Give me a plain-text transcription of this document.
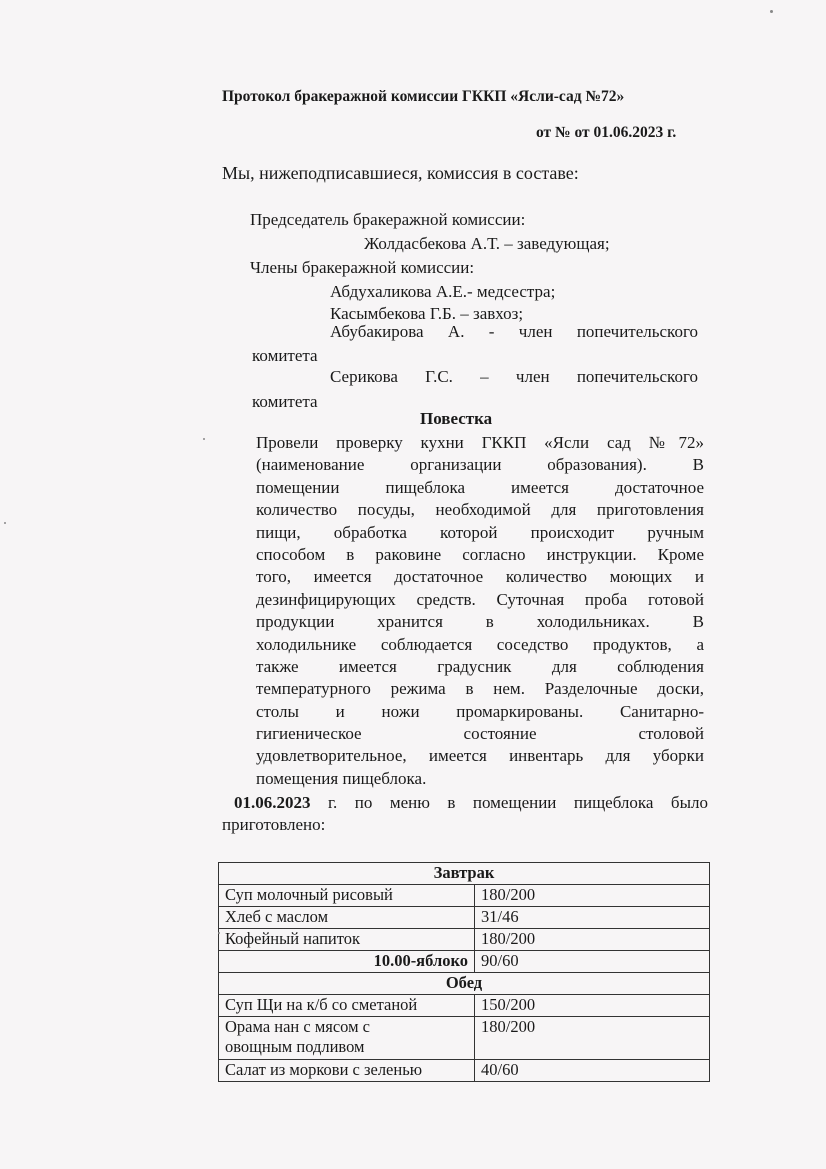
Протокол бракеражной комиссии ГККП «Ясли-сад №72»
от № от 01.06.2023 г.
Мы, нижеподписавшиеся, комиссия в составе:
Председатель бракеражной комиссии:
Жолдасбекова А.Т. – заведующая;
Члены бракеражной комиссии:
Абдухаликова А.Е.- медсестра;
Касымбекова Г.Б. – завхоз;
Абубакирова А. - член попечительского
комитета
Серикова Г.С. – член попечительского
комитета
Повестка
Провели проверку кухни ГККП «Ясли сад №72»
(наименование организации образования). В
помещении пищеблока имеется достаточное
количество посуды, необходимой для приготовления
пищи, обработка которой происходит ручным
способом в раковине согласно инструкции. Кроме
того, имеется достаточное количество моющих и
дезинфицирующих средств. Суточная проба готовой
продукции хранится в холодильниках. В
холодильнике соблюдается соседство продуктов, а
также имеется градусник для соблюдения
температурного режима в нем. Разделочные доски,
столы и ножи промаркированы. Санитарно-
гигиеническое состояние столовой
удовлетворительное, имеется инвентарь для уборки
помещения пищеблока.
01.06.2023 г. по меню в помещении пищеблока было
приготовлено:
Завтрак	
Суп молочный рисовый	180/200
Хлеб с маслом	31/46
Кофейный напиток	180/200
10.00-яблоко	90/60
Обед	
Суп Щи на к/б со сметаной	150/200
Орама нан с мясом с
овощным подливом	180/200
Салат из моркови с зеленью	40/60
